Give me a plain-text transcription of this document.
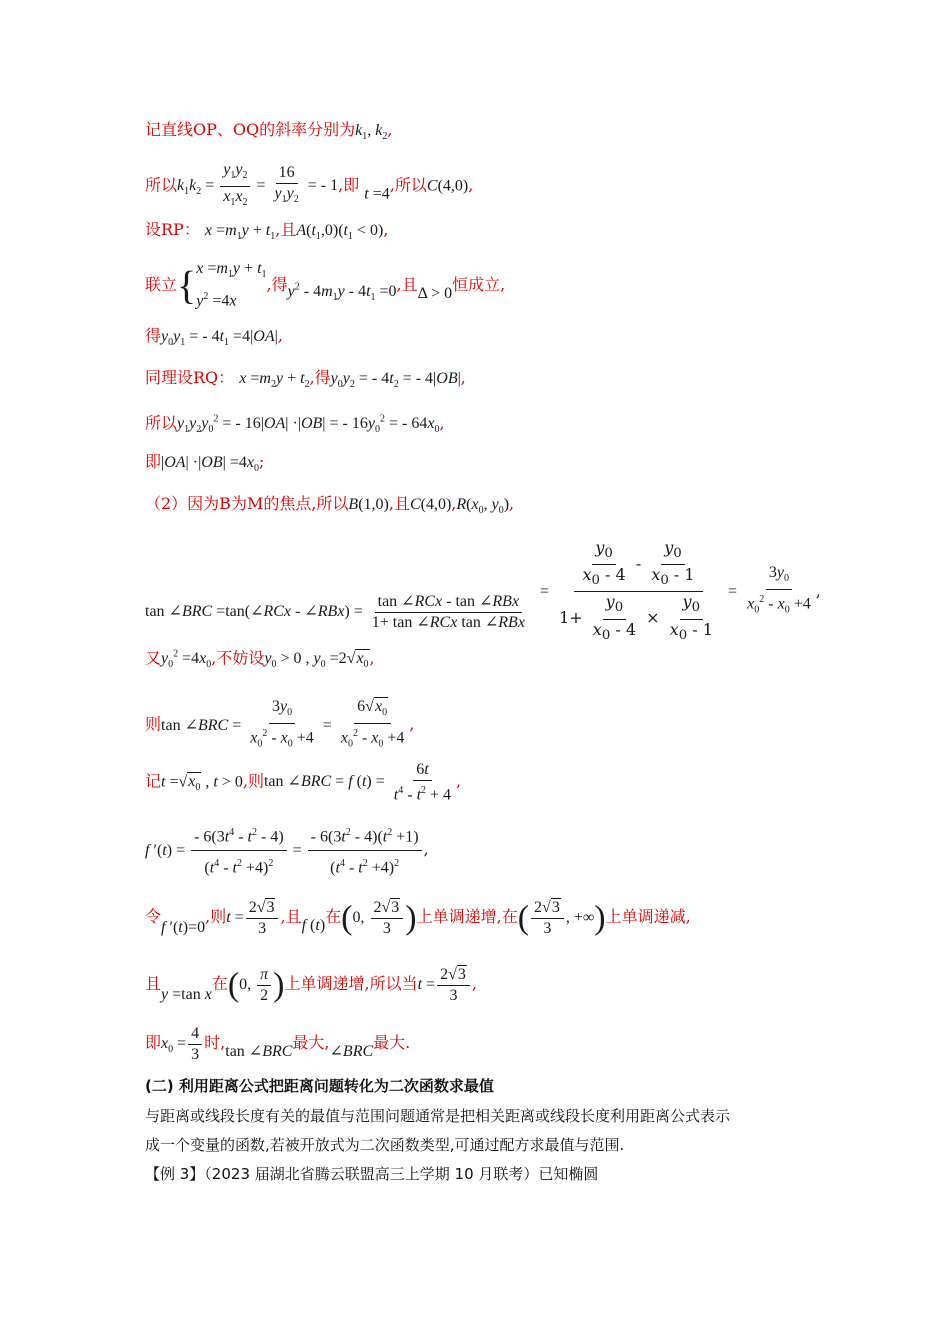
记直线OP、OQ的斜率分别为$k_1$, $k_2$,
所以$k_1k_2 = \frac{y_1y_2}{x_1x_2} = \frac{16}{y_1y_2}$ = - 1,即 t =4,所以C(4,0),
设RP： $x =m_1y + t_1$,且$A(t_1,0)(t_1 < 0)$,
联立{ $x =m_1y + t_1$
$y^2 =4x$
,得$y^2 - 4m_1y - 4t_1 =0$,且Δ > 0恒成立,
得$y_0y_1$ = - $4t_1 =4|OA|$,
同理设RQ： $x =m_2y + t_2$,得$y_0y_2$ = - $4t_2$ = - 4|OB|,
所以$y_1y_2y_0^2$ = - 16|OA| ·|OB| = - $16y_0^2$ = - $64x_0$,
即$|OA| \cdot|OB| =4x_0$;
（2）因为B为M的焦点,所以B(1,0),且$C(4,0),R(x_0$, $y_0$),
tan ∠BRC =tan(∠RCx - ∠RBx) = $\frac{\text{tan ∠RCx - tan ∠RBx}}{\text{1+ tan ∠RCx tan ∠RBx}}$
= $\frac{\frac{y_0}{x_0 - 4} - \frac{y_0}{x_0 - 1}}{1+ \frac{y_0}{x_0 - 4} \times \frac{y_0}{x_0 - 1}} = \frac{3y_0}{x_0^2 - x_0 +4}$ ,
又$y_0^2 =4x_0$,不妨设$y_0 > 0$ , $y_0 =2√x_0$,
则tan ∠BRC = $\frac{3y_0}{x_0^2 - x_0 +4} = \frac{6√x_0}{x_0^2 - x_0 +4}$ ,
记$t =√x_0$ , t > 0,则tan ∠BRC = f $(t) = \frac{6t}{t^4 - t^2 + 4}$ ,
f $'(t) = \frac{- 6(3t^4 - t^2 - 4)}{(t^4 - t^2 +4)^2} = \frac{- 6(3t^2 - 4)(t^2 +1)}{(t^4 - t^2 +4)^2}$ ,
令f ′(t)=0,则$t = \frac{2√3}{3}$ ,且f (t)在(0, $\frac{2√3}{3}$ )上单调递增,在( $\frac{2√3}{3}$ , +∞)上单调递减,
且y =tan x在(0, $\frac{\pi}{2}$ )上单调递增,所以当$t = \frac{2√3}{3}$ ,
即$x_0 = \frac{4}{3}$ 时,tan ∠BRC最大,∠BRC最大.
(二) 利用距离公式把距离问题转化为二次函数求最值
与距离或线段长度有关的最值与范围问题通常是把相关距离或线段长度利用距离公式表示
成一个变量的函数,若被开放式为二次函数类型,可通过配方求最值与范围.
【例 3】（2023 届湖北省腾云联盟高三上学期 10 月联考）已知椭圆
